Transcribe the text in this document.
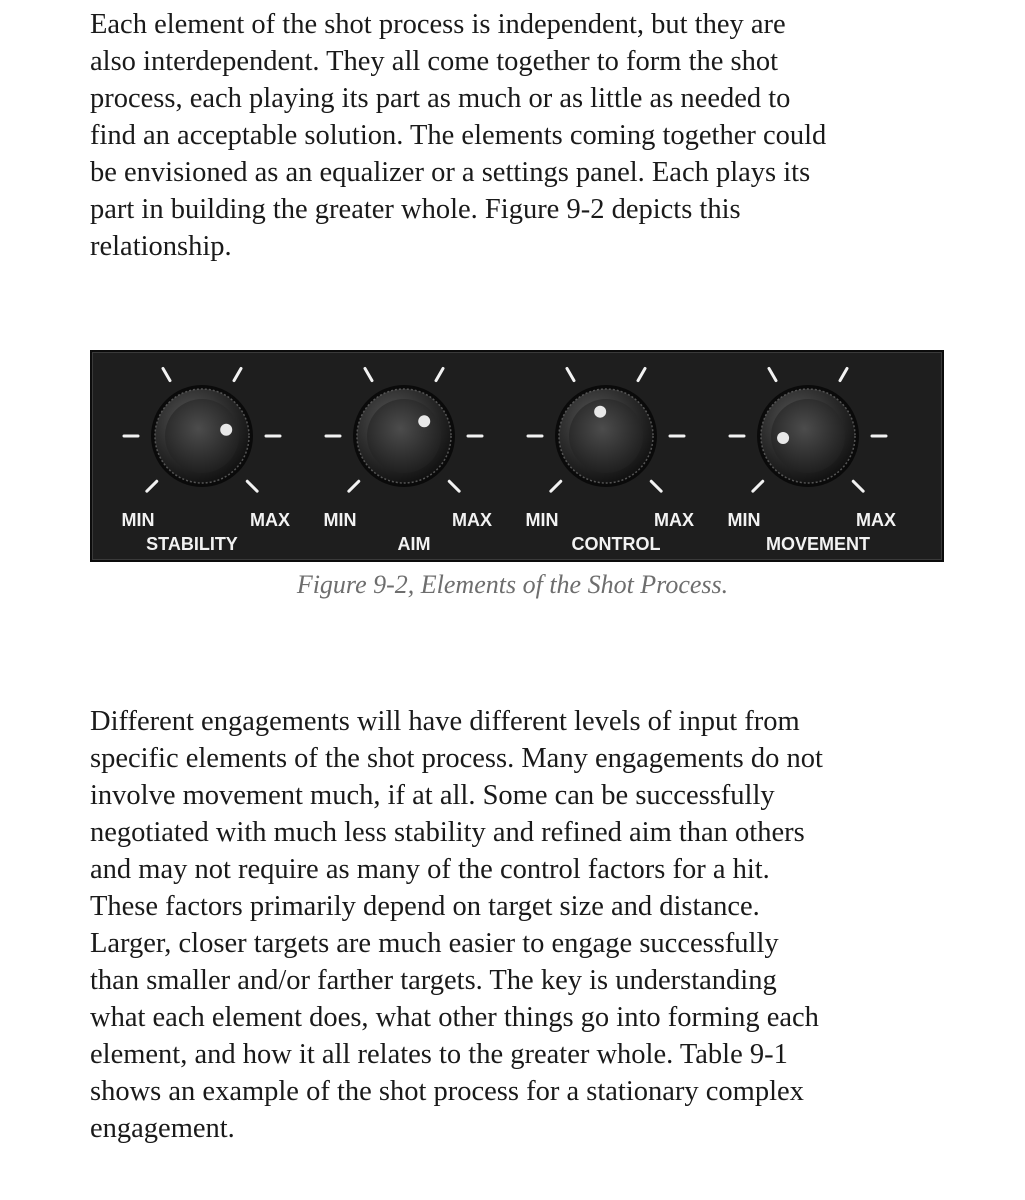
Each element of the shot process is independent, but they are
also interdependent. They all come together to form the shot
process, each playing its part as much or as little as needed to
find an acceptable solution. The elements coming together could
be envisioned as an equalizer or a settings panel. Each plays its
part in building the greater whole. Figure 9-2 depicts this
relationship.

MIN	MAX
STABILITY
MIN	MAX
AIM
MIN	MAX
CONTROL
MIN	MAX
MOVEMENT

Figure 9-2, Elements of the Shot Process.

Different engagements will have different levels of input from
specific elements of the shot process. Many engagements do not
involve movement much, if at all. Some can be successfully
negotiated with much less stability and refined aim than others
and may not require as many of the control factors for a hit.
These factors primarily depend on target size and distance.
Larger, closer targets are much easier to engage successfully
than smaller and/or farther targets. The key is understanding
what each element does, what other things go into forming each
element, and how it all relates to the greater whole. Table 9-1
shows an example of the shot process for a stationary complex
engagement.
